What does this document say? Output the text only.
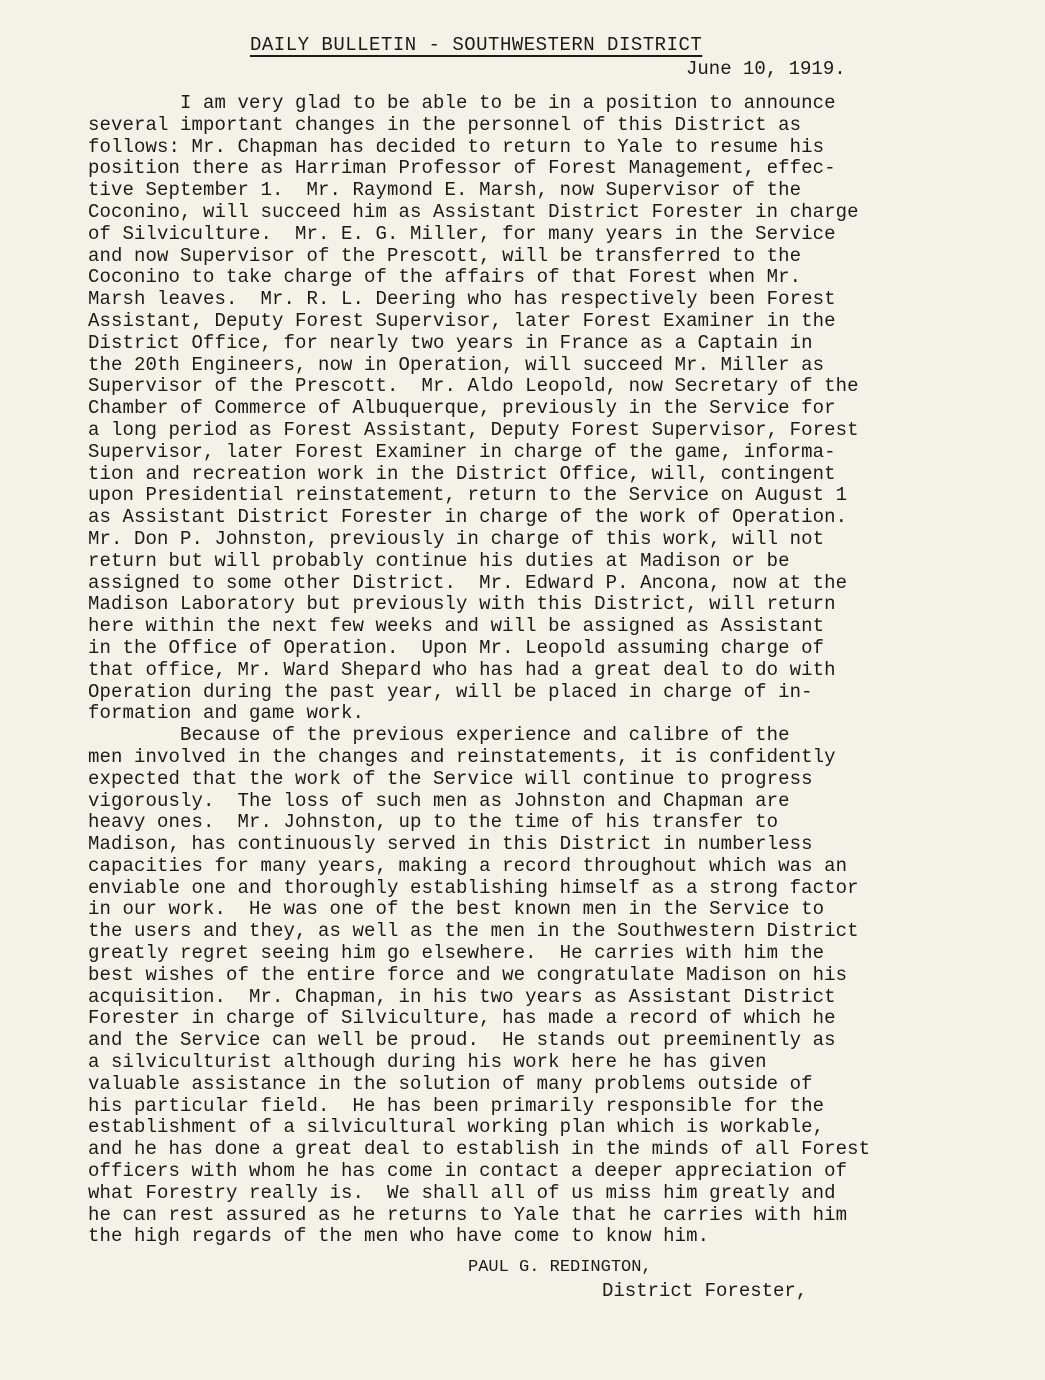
DAILY BULLETIN - SOUTHWESTERN DISTRICT
June 10, 1919.
I am very glad to be able to be in a position to announce
several important changes in the personnel of this District as
follows: Mr. Chapman has decided to return to Yale to resume his
position there as Harriman Professor of Forest Management, effec-
tive September 1.  Mr. Raymond E. Marsh, now Supervisor of the
Coconino, will succeed him as Assistant District Forester in charge
of Silviculture.  Mr. E. G. Miller, for many years in the Service
and now Supervisor of the Prescott, will be transferred to the
Coconino to take charge of the affairs of that Forest when Mr.
Marsh leaves.  Mr. R. L. Deering who has respectively been Forest
Assistant, Deputy Forest Supervisor, later Forest Examiner in the
District Office, for nearly two years in France as a Captain in
the 20th Engineers, now in Operation, will succeed Mr. Miller as
Supervisor of the Prescott.  Mr. Aldo Leopold, now Secretary of the
Chamber of Commerce of Albuquerque, previously in the Service for
a long period as Forest Assistant, Deputy Forest Supervisor, Forest
Supervisor, later Forest Examiner in charge of the game, informa-
tion and recreation work in the District Office, will, contingent
upon Presidential reinstatement, return to the Service on August 1
as Assistant District Forester in charge of the work of Operation.
Mr. Don P. Johnston, previously in charge of this work, will not
return but will probably continue his duties at Madison or be
assigned to some other District.  Mr. Edward P. Ancona, now at the
Madison Laboratory but previously with this District, will return
here within the next few weeks and will be assigned as Assistant
in the Office of Operation.  Upon Mr. Leopold assuming charge of
that office, Mr. Ward Shepard who has had a great deal to do with
Operation during the past year, will be placed in charge of in-
formation and game work.
Because of the previous experience and calibre of the
men involved in the changes and reinstatements, it is confidently
expected that the work of the Service will continue to progress
vigorously.  The loss of such men as Johnston and Chapman are
heavy ones.  Mr. Johnston, up to the time of his transfer to
Madison, has continuously served in this District in numberless
capacities for many years, making a record throughout which was an
enviable one and thoroughly establishing himself as a strong factor
in our work.  He was one of the best known men in the Service to
the users and they, as well as the men in the Southwestern District
greatly regret seeing him go elsewhere.  He carries with him the
best wishes of the entire force and we congratulate Madison on his
acquisition.  Mr. Chapman, in his two years as Assistant District
Forester in charge of Silviculture, has made a record of which he
and the Service can well be proud.  He stands out preeminently as
a silviculturist although during his work here he has given
valuable assistance in the solution of many problems outside of
his particular field.  He has been primarily responsible for the
establishment of a silvicultural working plan which is workable,
and he has done a great deal to establish in the minds of all Forest
officers with whom he has come in contact a deeper appreciation of
what Forestry really is.  We shall all of us miss him greatly and
he can rest assured as he returns to Yale that he carries with him
the high regards of the men who have come to know him.
PAUL G. REDINGTON,
District Forester,
